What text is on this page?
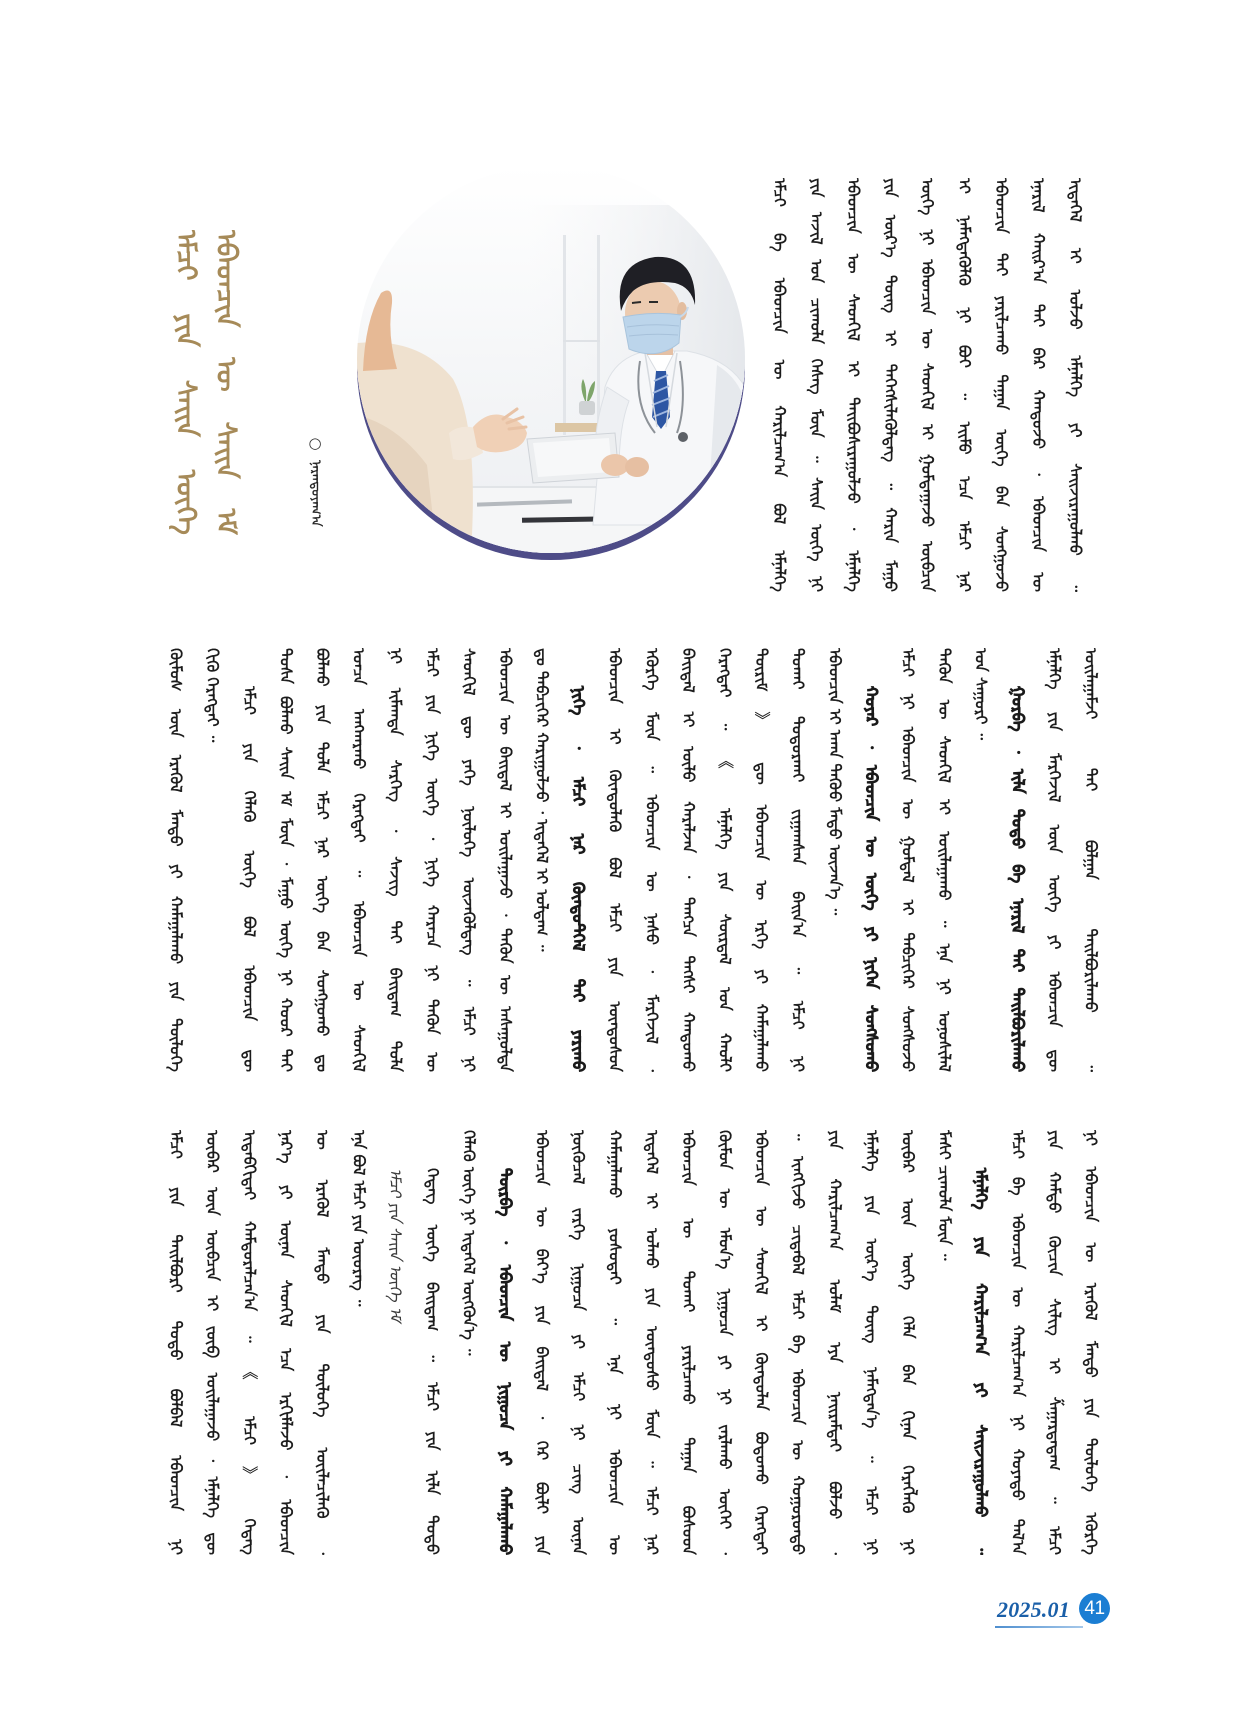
ᠡᠮᠴᠢ ᠶᠢᠨ ᠰᠠᠢᠨ ᠦᠭᠡ ᠡᠪᠡᠳᠴᠢᠨ ᠦ ᠰᠠᠢᠨ ᠡᠮ	○ᠨᠠᠷᠠᠨᠲᠤᠶᠠᠭ᠎ᠠ	ᠡᠮᠴᠢ ᠪᠠ ᠡᠪᠡᠳᠴᠢᠨ ᠦ ᠬᠠᠷᠢᠯᠴᠠᠭ᠎ᠠ ᠪᠣᠯ ᠡᠮᠨᠡᠯᠭᠡ	ᠶᠢᠨ ᠠᠵᠢᠯ ᠤᠨ ᠴᠢᠬᠤᠯᠠ ᠬᠡᠰᠡᠭ ᠮᠥᠨ ᠃ ᠰᠠᠢᠨ ᠦᠭᠡ ᠨᠢ	ᠡᠪᠡᠳᠴᠢᠨ ᠦ ᠰᠡᠳᠬᠢᠯ ᠢ ᠲᠠᠢᠪᠤᠰᠢᠷᠠᠭᠤᠯᠵᠤ ᠂ ᠡᠮᠨᠡᠯᠭᠡ	ᠶᠢᠨ ᠦᠷ᠎ᠡ ᠳᠦᠩ ᠢ ᠳᠡᠭᠡᠭᠰᠢᠯᠡᠭᠦᠯᠳᠡᠭ ᠃ ᠬᠠᠷᠢᠨ ᠮᠠᠭᠤ	ᠦᠭᠡ ᠨᠢ ᠡᠪᠡᠳᠴᠢᠨ ᠦ ᠰᠡᠳᠬᠢᠯ ᠢ ᠭᠣᠮᠳᠠᠭᠠᠵᠤ ᠥᠪᠴᠢᠨ	ᠢ ᠨᠡᠮᠡᠭᠳᠡᠭᠦᠯᠬᠦ ᠨᠢ ᠪᠤᠢ ᠃ ᠡᠢᠮᠦ ᠡᠴᠡ ᠡᠮᠴᠢ ᠨᠠᠷ	ᠡᠪᠡᠳᠴᠢᠨ ᠲᠡᠢ ᠶᠠᠷᠢᠯᠴᠠᠬᠤ ᠳᠠᠭᠠᠨ ᠦᠭᠡ ᠪᠡᠨ ᠰᠣᠩᠭᠣᠵᠤ	ᠡᠨᠡᠷᠢᠯ ᠬᠠᠢᠷ᠎ᠠ ᠲᠠᠢ ᠪᠠᠷ ᠬᠠᠨᠳᠤᠵᠤ ᠂ ᠡᠪᠡᠳᠴᠢᠨ ᠦ	ᠢᠲᠡᠭᠡᠯ ᠢ ᠣᠯᠵᠤ ᠡᠮᠨᠡᠯᠭᠡ ᠶᠢ ᠰᠠᠢᠵᠢᠷᠠᠭᠤᠯᠬᠤ ᠃
ᠬᠦᠮᠦᠰ ᠦᠨ ᠡᠷᠡᠭᠦᠯ ᠮᠡᠨᠳᠦ ᠶᠢ ᠬᠠᠮᠠᠭᠠᠯᠠᠬᠤ ᠶᠢᠨ ᠲᠥᠯᠥᠭᠡ	ᠬᠢᠬᠦ ᠬᠡᠷᠡᠭᠲᠡᠢ ᠃	ᠡᠮᠴᠢ ᠶᠢᠨ ᠬᠡᠯᠡᠬᠦ ᠦᠭᠡ ᠪᠣᠯ ᠡᠪᠡᠳᠴᠢᠨ ᠳᠦ	ᠲᠤᠰᠠ ᠪᠣᠯᠬᠤ ᠰᠠᠢᠨ ᠡᠮ ᠮᠥᠨ ᠂ ᠮᠠᠭᠤ ᠦᠭᠡ ᠨᠢ ᠬᠣᠣᠷ ᠲᠠᠢ	ᠪᠣᠯᠬᠤ ᠶᠢᠨ ᠲᠤᠯᠠ ᠡᠮᠴᠢ ᠨᠠᠷ ᠦᠭᠡ ᠪᠡᠨ ᠰᠣᠩᠭᠣᠬᠤ ᠳᠤ	ᠣᠨᠴᠠ ᠠᠩᠬᠠᠷᠬᠤ ᠬᠡᠷᠡᠭᠲᠡᠢ ᠃ ᠡᠪᠡᠳᠴᠢᠨ ᠦ ᠰᠡᠳᠬᠢᠯ	ᠨᠢ ᠢᠮᠠᠭᠳᠠ ᠰᠡᠷᠭᠡᠭ ᠂ ᠰᠡᠵᠢᠭ ᠲᠡᠢ ᠪᠠᠢᠳᠠᠭ ᠲᠤᠯᠠ	ᠡᠮᠴᠢ ᠶᠢᠨ ᠨᠢᠭᠡ ᠦᠭᠡ ᠂ ᠨᠢᠭᠡ ᠬᠠᠷᠠᠴᠠ ᠨᠢ ᠲᠡᠭᠦᠨ ᠦ	ᠰᠡᠳᠬᠢᠯ ᠳᠦ ᠶᠡᠬᠡ ᠨᠥᠯᠦᠭᠡ ᠦᠵᠡᠭᠦᠯᠳᠡᠭ ᠃ ᠡᠮᠴᠢ ᠨᠢ	ᠡᠪᠡᠳᠴᠢᠨ ᠦ ᠪᠠᠢᠳᠠᠯ ᠢ ᠣᠢᠯᠠᠭᠠᠵᠤ ᠂ ᠲᠡᠭᠦᠨ ᠦ ᠠᠰᠠᠭᠤᠯᠲᠠ	ᠳᠤ ᠲᠡᠪᠴᠢᠭᠡᠷ ᠬᠠᠷᠢᠭᠤᠯᠵᠤ ᠂ ᠢᠲᠡᠭᠡᠯ ᠢ ᠣᠯᠳᠠᠭ ᠃	ᠨᠢᠭᠡ ᠂ ᠡᠮᠴᠢ ᠨᠠᠷ ᠬᠦᠨᠳᠦᠲᠭᠡᠯ ᠲᠡᠢ ᠶᠠᠷᠢᠬᠤ	ᠡᠪᠡᠳᠴᠢᠨ ᠢ ᠬᠦᠨᠳᠦᠯᠡᠬᠦ ᠪᠣᠯ ᠡᠮᠴᠢ ᠶᠢᠨ ᠦᠨᠳᠦᠰᠦᠨ	ᠡᠭᠦᠷᠭᠡ ᠮᠥᠨ ᠃ ᠡᠪᠡᠳᠴᠢᠨ ᠦ ᠨᠠᠰᠤ ᠂ ᠮᠡᠷᠭᠡᠵᠢᠯ ᠂	ᠪᠠᠢᠳᠠᠯ ᠢ ᠦᠯᠦ ᠬᠠᠷᠠᠯᠵᠠᠨ ᠂ ᠲᠡᠩᠴᠡ ᠲᠡᠭᠰᠢ ᠬᠠᠨᠳᠤᠬᠤ	ᠬᠡᠷᠡᠭᠲᠡᠢ ᠃ 《 ᠡᠮᠨᠡᠯᠭᠡ ᠶᠢᠨ ᠰᠦᠷᠲᠠᠯ ᠤᠨ ᠬᠠᠤᠯᠢ	ᠳᠦᠷᠢᠮ 》 ᠳᠦ ᠡᠪᠡᠳᠴᠢᠨ ᠦ ᠡᠷᠬᠡ ᠶᠢ ᠬᠠᠮᠠᠭᠠᠯᠠᠬᠤ	ᠲᠤᠬᠠᠢ ᠲᠣᠳᠣᠷᠬᠠᠢ ᠵᠢᠭᠠᠭᠰᠠᠨ ᠪᠠᠢᠨ᠎ᠠ ᠃ ᠡᠮᠴᠢ ᠨᠢ	ᠡᠪᠡᠳᠴᠢᠨ ᠢ ᠠᠬᠠ ᠳᠡᠭᠦᠦ ᠮᠡᠲᠦ ᠦᠵᠡᠨ᠎ᠡ ᠃	ᠬᠣᠶᠠᠷ ᠂ ᠡᠪᠡᠳᠴᠢᠨ ᠦ ᠦᠭᠡ ᠶᠢ ᠨᠢᠭᠡᠨ ᠰᠣᠩᠰᠣᠬᠤ	ᠡᠮᠴᠢ ᠨᠢ ᠡᠪᠡᠳᠴᠢᠨ ᠦ ᠭᠣᠮᠳᠠᠯ ᠢ ᠲᠡᠪᠴᠢᠭᠡᠷ ᠰᠣᠩᠰᠣᠵᠤ	ᠲᠡᠭᠦᠨ ᠦ ᠰᠡᠳᠬᠢᠯ ᠢ ᠣᠢᠯᠠᠭᠠᠬᠤ ᠃ ᠡᠨᠡ ᠨᠢ ᠣᠨᠣᠰᠢᠯᠠᠯ	ᠤᠨ ᠰᠠᠭᠤᠷᠢ ᠃	ᠭᠤᠷᠪᠠ ᠂ ᠢᠯᠡ ᠲᠣᠳᠣ ᠪᠠ ᠡᠨᠡᠷᠢᠯ ᠲᠡᠢ ᠲᠠᠢᠯᠪᠤᠷᠢᠯᠠᠬᠤ	ᠡᠮᠨᠡᠯᠭᠡ ᠶᠢᠨ ᠮᠡᠷᠭᠡᠵᠢᠯ ᠦᠨ ᠦᠭᠡ ᠶᠢ ᠡᠪᠡᠳᠴᠢᠨ ᠳᠦ	ᠣᠢᠯᠠᠭᠠᠮᠵᠢ ᠲᠠᠢ ᠪᠣᠯᠭᠠᠨ ᠲᠠᠢᠯᠪᠤᠷᠢᠯᠠᠬᠤ ᠃
ᠡᠮᠴᠢ ᠶᠢᠨ ᠲᠠᠢᠯᠪᠤᠷᠢ ᠲᠣᠳᠣ ᠪᠣᠯᠪᠠᠯ ᠡᠪᠡᠳᠴᠢᠨ ᠨᠢ	ᠥᠪᠡᠷ ᠦᠨ ᠥᠪᠴᠢᠨ ᠢ ᠵᠥᠪ ᠣᠢᠯᠠᠭᠠᠵᠤ ᠂ ᠡᠮᠨᠡᠯᠭᠡ ᠳᠦ	ᠢᠳᠡᠪᠬᠢᠲᠡᠢ ᠬᠠᠮᠲᠤᠷᠠᠯᠴᠠᠨ᠎ᠠ ᠃ 《 ᠡᠮᠴᠢ 》 ᠭᠡᠳᠡᠭ	ᠨᠡᠷ᠎ᠡ ᠶᠢ ᠦᠨᠡᠨ ᠰᠡᠳᠬᠢᠯ ᠡᠴᠡ ᠡᠷᠬᠢᠮᠯᠡᠵᠦ ᠂ ᠡᠪᠡᠳᠴᠢᠨ	ᠦ ᠡᠷᠡᠭᠦᠯ ᠮᠡᠨᠳᠦ ᠶᠢᠨ ᠲᠥᠯᠥᠭᠡ ᠦᠢᠯᠡᠴᠢᠯᠡᠬᠦ ᠂	ᠡᠨᠡ ᠪᠣᠯ ᠡᠮᠴᠢ ᠶᠢᠨ ᠦᠦᠷᠡᠭ ᠃	ᠡᠮᠴᠢ ᠶᠢᠨ ᠰᠠᠢᠨ ᠦᠭᠡ ᠡᠮ	ᠭᠡᠳᠡᠭ ᠦᠭᠡ ᠪᠠᠢᠳᠠᠭ ᠃ ᠡᠮᠴᠢ ᠶᠢᠨ ᠢᠯᠡ ᠲᠣᠳᠣ	ᠬᠡᠯᠡᠬᠦ ᠦᠭᠡ ᠨᠢ ᠢᠲᠡᠭᠡᠯ ᠥᠭᠭᠦᠨ᠎ᠡ ᠃	ᠳᠥᠷᠪᠡ ᠂ ᠡᠪᠡᠳᠴᠢᠨ ᠦ ᠨᠢᠭᠤᠴᠠ ᠶᠢ ᠬᠠᠮᠠᠭᠠᠯᠠᠬᠤ	ᠡᠪᠡᠳᠴᠢᠨ ᠦ ᠪᠡᠶ᠎ᠡ ᠶᠢᠨ ᠪᠠᠢᠳᠠᠯ ᠂ ᠭᠡᠷ ᠪᠦᠯᠢ ᠶᠢᠨ	ᠨᠥᠬᠦᠴᠡᠯ ᠵᠡᠷᠭᠡ ᠨᠢᠭᠤᠴᠠ ᠶᠢ ᠡᠮᠴᠢ ᠨᠢ ᠴᠢᠩ ᠦᠨᠡᠨ	ᠬᠠᠮᠠᠭᠠᠯᠠᠬᠤ ᠶᠤᠰᠤᠲᠠᠢ ᠃ ᠡᠨᠡ ᠨᠢ ᠡᠪᠡᠳᠴᠢᠨ ᠦ	ᠢᠲᠡᠭᠡᠯ ᠢ ᠣᠯᠬᠤ ᠶᠢᠨ ᠦᠨᠳᠦᠰᠦ ᠮᠥᠨ ᠃ ᠡᠮᠴᠢ ᠨᠠᠷ	ᠡᠪᠡᠳᠴᠢᠨ ᠦ ᠲᠤᠬᠠᠢ ᠶᠠᠷᠢᠯᠴᠠᠬᠤ ᠳᠠᠭᠠᠨ ᠪᠤᠰᠤᠳ	ᠬᠦᠮᠦᠨ ᠦ ᠡᠮᠦᠨ᠎ᠡ ᠨᠢᠭᠤᠴᠠ ᠶᠢ ᠨᠢ ᠵᠠᠷᠯᠠᠬᠤ ᠦᠭᠡᠢ ᠂	ᠡᠪᠡᠳᠴᠢᠨ ᠦ ᠰᠡᠳᠬᠢᠯ ᠢ ᠬᠦᠨᠳᠦᠯᠡᠨ ᠪᠣᠳᠣᠬᠤ ᠬᠡᠷᠡᠭᠲᠡᠢ	᠃ ᠢᠩᠭᠢᠵᠦ ᠴᠢᠳᠠᠪᠠᠯ ᠡᠮᠴᠢ ᠪᠠ ᠡᠪᠡᠳᠴᠢᠨ ᠦ ᠬᠣᠭᠣᠷᠣᠨᠳᠣ	ᠶᠢᠨ ᠬᠠᠷᠢᠯᠴᠠᠭ᠎ᠠ ᠤᠯᠠᠮ ᠡᠶᠡ ᠨᠠᠢᠷᠠᠮᠳᠠᠢ ᠪᠣᠯᠵᠤ ᠂	ᠡᠮᠨᠡᠯᠭᠡ ᠶᠢᠨ ᠦᠷ᠎ᠡ ᠳᠦᠩ ᠨᠡᠮᠡᠭᠳᠡᠨ᠎ᠡ ᠃ ᠡᠮᠴᠢ ᠨᠢ	ᠥᠪᠡᠷ ᠦᠨ ᠦᠭᠡ ᠬᠡᠯᠡ ᠪᠡᠨ ᠬᠢᠨᠠᠨ ᠬᠡᠷᠡᠭᠯᠡᠬᠦ ᠨᠢ	ᠮᠠᠰᠢ ᠴᠢᠬᠤᠯᠠ ᠮᠥᠨ ᠃	ᠡᠮᠨᠡᠯᠭᠡ ᠶᠢᠨ ᠬᠠᠷᠢᠯᠴᠠᠭ᠎ᠠ ᠶᠢ ᠰᠠᠢᠵᠢᠷᠠᠭᠤᠯᠬᠤ ᠃	ᠡᠮᠴᠢ ᠪᠠ ᠡᠪᠡᠳᠴᠢᠨ ᠦ ᠬᠠᠷᠢᠯᠴᠠᠭ᠎ᠠ ᠨᠢ ᠬᠣᠶᠠᠳᠤ ᠲᠠᠯ᠎ᠠ	ᠶᠢᠨ ᠬᠠᠮᠲᠤ ᠬᠦᠴᠢᠨ ᠰᠢᠯᠢᠭ ᠢ ᠱᠠᠭᠠᠷᠳᠠᠳᠠᠭ ᠃ ᠡᠮᠴᠢ	ᠨᠢ ᠡᠪᠡᠳᠴᠢᠨ ᠦ ᠡᠷᠡᠭᠦᠯ ᠮᠡᠨᠳᠦ ᠶᠢᠨ ᠲᠥᠯᠥᠭᠡ ᠡᠭᠦᠷᠭᠡ
2025.01 41
